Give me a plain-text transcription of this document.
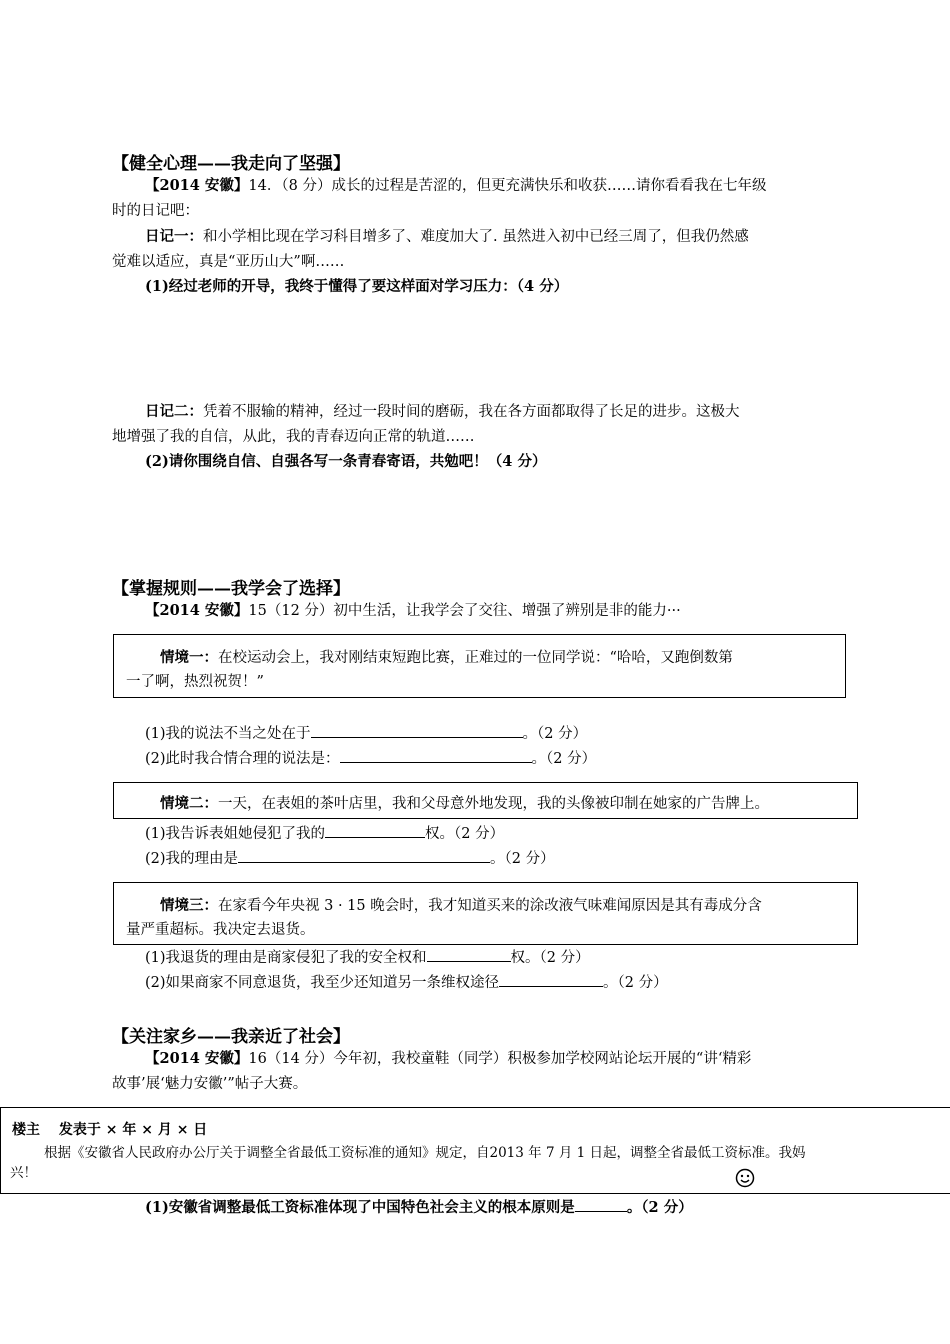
【健全心理——我走向了坚强】
【2014 安徽】14．（8 分）成长的过程是苦涩的，但更充满快乐和收获……请你看看我在七年级
时的日记吧：
日记一：和小学相比现在学习科目增多了、难度加大了. 虽然进入初中已经三周了，但我仍然感
觉难以适应，真是“亚历山大”啊……
(1)经过老师的开导，我终于懂得了要这样面对学习压力：（4 分）
日记二：凭着不服输的精神，经过一段时间的磨砺，我在各方面都取得了长足的进步。这极大
地增强了我的自信，从此，我的青春迈向正常的轨道……
(2)请你围绕自信、自强各写一条青春寄语，共勉吧！（4 分）
【掌握规则——我学会了选择】
【2014 安徽】15（12 分）初中生活，让我学会了交往、增强了辨别是非的能力···
情境一：在校运动会上，我对刚结束短跑比赛，正难过的一位同学说：“哈哈，又跑倒数第
一了啊，热烈祝贺！”
(1)我的说法不当之处在于	。（2 分）
(2)此时我合情合理的说法是：	。（2 分）
情境二：一天，在表姐的茶叶店里，我和父母意外地发现，我的头像被印制在她家的广告牌上。
(1)我告诉表姐她侵犯了我的	权。（2 分）
(2)我的理由是	。（2 分）
情境三：在家看今年央视 3 · 15 晚会时，我才知道买来的涂改液气味难闻原因是其有毒成分含
量严重超标。我决定去退货。
(1)我退货的理由是商家侵犯了我的安全权和	权。（2 分）
(2)如果商家不同意退货，我至少还知道另一条维权途径	。（2 分）
【关注家乡——我亲近了社会】
【2014 安徽】16（14 分）今年初，我校童鞋（同学）积极参加学校网站论坛开展的“讲‘精彩
故事’展‘魅力安徽’”帖子大赛。
楼主　 发表于 × 年 × 月 × 日
根据《安徽省人民政府办公厅关于调整全省最低工资标准的通知》规定，自2013 年 7 月 1 日起，调整全省最低工资标准。我妈
兴！
(1)安徽省调整最低工资标准体现了中国特色社会主义的根本原则是	。（2 分）
